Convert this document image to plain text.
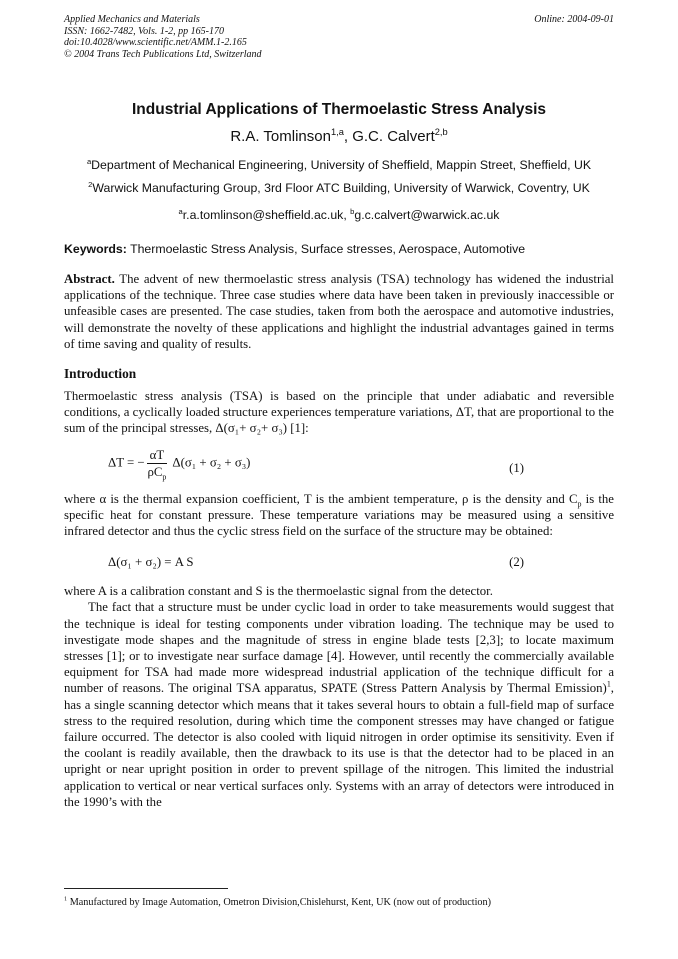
Applied Mechanics and Materials
ISSN: 1662-7482, Vols. 1-2, pp 165-170
doi:10.4028/www.scientific.net/AMM.1-2.165
© 2004 Trans Tech Publications Ltd, Switzerland
Online: 2004-09-01
Industrial Applications of Thermoelastic Stress Analysis
R.A. Tomlinson$^{1,a}$, G.C. Calvert$^{2,b}$
$^a$Department of Mechanical Engineering, University of Sheffield, Mappin Street, Sheffield, UK
$^2$Warwick Manufacturing Group, 3rd Floor ATC Building, University of Warwick, Coventry, UK
$^a$r.a.tomlinson@sheffield.ac.uk, $^b$g.c.calvert@warwick.ac.uk
Keywords: Thermoelastic Stress Analysis, Surface stresses, Aerospace, Automotive

Abstract. The advent of new thermoelastic stress analysis (TSA) technology has widened the industrial applications of the technique. Three case studies where data have been taken in previously inaccessible or unfeasible cases are presented. The case studies, taken from both the aerospace and automotive industries, will demonstrate the novelty of these applications and highlight the industrial advantages gained in terms of time saving and quality of results.

Introduction

Thermoelastic stress analysis (TSA) is based on the principle that under adiabatic and reversible conditions, a cyclically loaded structure experiences temperature variations, ΔT, that are proportional to the sum of the principal stresses, Δ(σ₁+ σ₂+ σ₃) [1]:

ΔT = − $\frac{\alpha T}{\rho C_p} \Delta(\sigma_1 + \sigma_2 + \sigma_3)$	(1)

where α is the thermal expansion coefficient, T is the ambient temperature, ρ is the density and $C_p$ is the specific heat for constant pressure. These temperature variations may be measured using a sensitive infrared detector and thus the cyclic stress field on the surface of the structure may be obtained:

Δ(σ₁ + σ₂) = A S	(2)

where A is a calibration constant and S is the thermoelastic signal from the detector.

The fact that a structure must be under cyclic load in order to take measurements would suggest that the technique is ideal for testing components under vibration loading. The technique may be used to investigate mode shapes and the magnitude of stress in engine blade tests [2,3]; to locate maximum stresses [1]; or to investigate near surface damage [4]. However, until recently the commercially available equipment for TSA had made more widespread industrial application of the technique difficult for a number of reasons. The original TSA apparatus, SPATE (Stress Pattern Analysis by Thermal Emission)$^1$, has a single scanning detector which means that it takes several hours to obtain a full-field map of surface stress to the required resolution, during which time the component stresses may have changed or fatigue failure occurred. The detector is also cooled with liquid nitrogen in order optimise its sensitivity. Even if the coolant is readily available, then the drawback to its use is that the detector had to be placed in an upright or near upright position in order to prevent spillage of the nitrogen. This limited the industrial application to vertical or near vertical surfaces only. Systems with an array of detectors were introduced in the 1990’s with the

$^1$ Manufactured by Image Automation, Ometron Division,Chislehurst, Kent, UK (now out of production)
